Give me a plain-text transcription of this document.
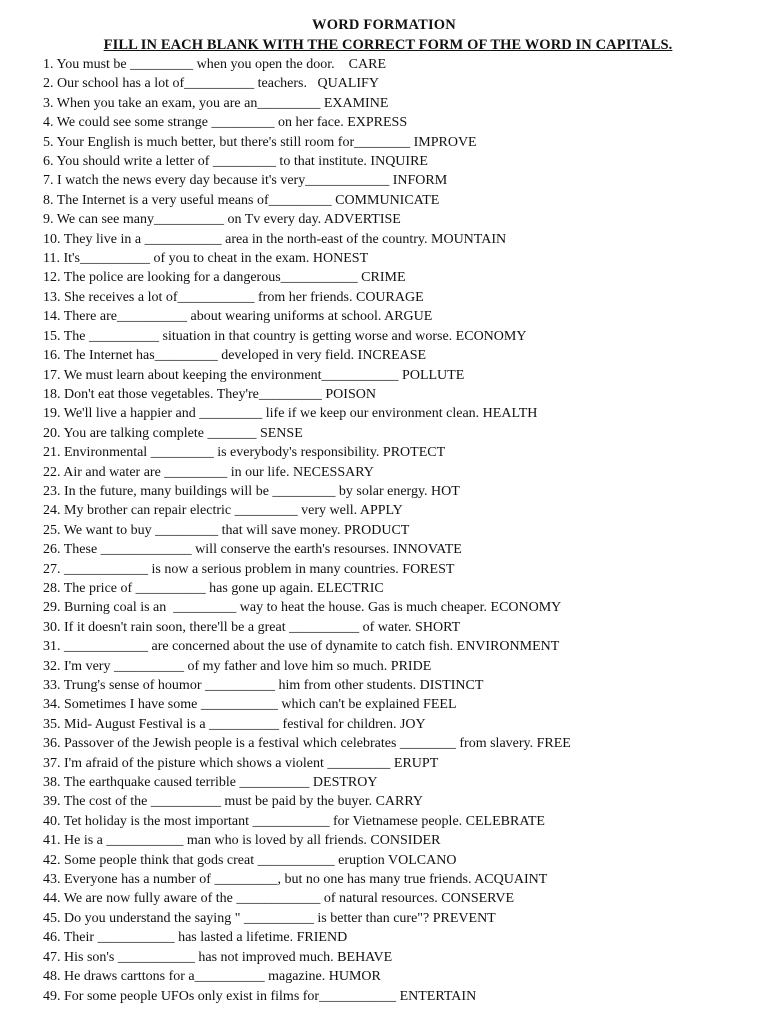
WORD FORMATION
FILL IN EACH BLANK WITH THE CORRECT FORM OF THE WORD IN CAPITALS.
1. You must be _________ when you open the door.    CARE
2. Our school has a lot of__________ teachers.   QUALIFY
3. When you take an exam, you are an_________ EXAMINE
4. We could see some strange _________ on her face. EXPRESS
5. Your English is much better, but there's still room for________ IMPROVE
6. You should write a letter of _________ to that institute. INQUIRE
7. I watch the news every day because it's very____________ INFORM
8. The Internet is a very useful means of_________ COMMUNICATE
9. We can see many__________ on Tv every day. ADVERTISE
10. They live in a ___________ area in the north-east of the country. MOUNTAIN
11. It's__________ of you to cheat in the exam. HONEST
12. The police are looking for a dangerous___________ CRIME
13. She receives a lot of___________ from her friends. COURAGE
14. There are__________ about wearing uniforms at school. ARGUE
15. The __________ situation in that country is getting worse and worse. ECONOMY
16. The Internet has_________ developed in very field. INCREASE
17. We must learn about keeping the environment___________ POLLUTE
18. Don't eat those vegetables. They're_________ POISON
19. We'll live a happier and _________ life if we keep our environment clean. HEALTH
20. You are talking complete _______ SENSE
21. Environmental _________ is everybody's responsibility. PROTECT
22. Air and water are _________ in our life. NECESSARY
23. In the future, many buildings will be _________ by solar energy. HOT
24. My brother can repair electric _________ very well. APPLY
25. We want to buy _________ that will save money. PRODUCT
26. These _____________ will conserve the earth's resourses. INNOVATE
27. ____________ is now a serious problem in many countries. FOREST
28. The price of __________ has gone up again. ELECTRIC
29. Burning coal is an  _________ way to heat the house. Gas is much cheaper. ECONOMY
30. If it doesn't rain soon, there'll be a great __________ of water. SHORT
31. ____________ are concerned about the use of dynamite to catch fish. ENVIRONMENT
32. I'm very __________ of my father and love him so much. PRIDE
33. Trung's sense of houmor __________ him from other students. DISTINCT
34. Sometimes I have some ___________ which can't be explained FEEL
35. Mid- August Festival is a __________ festival for children. JOY
36. Passover of the Jewish people is a festival which celebrates ________ from slavery. FREE
37. I'm afraid of the pisture which shows a violent _________ ERUPT
38. The earthquake caused terrible __________ DESTROY
39. The cost of the __________ must be paid by the buyer. CARRY
40. Tet holiday is the most important ___________ for Vietnamese people. CELEBRATE
41. He is a ___________ man who is loved by all friends. CONSIDER
42. Some people think that gods creat ___________ eruption VOLCANO
43. Everyone has a number of _________, but no one has many true friends. ACQUAINT
44. We are now fully aware of the ____________ of natural resources. CONSERVE
45. Do you understand the saying " __________ is better than cure"? PREVENT
46. Their ___________ has lasted a lifetime. FRIEND
47. His son's ___________ has not improved much. BEHAVE
48. He draws carttons for a__________ magazine. HUMOR
49. For some people UFOs only exist in films for___________ ENTERTAIN
